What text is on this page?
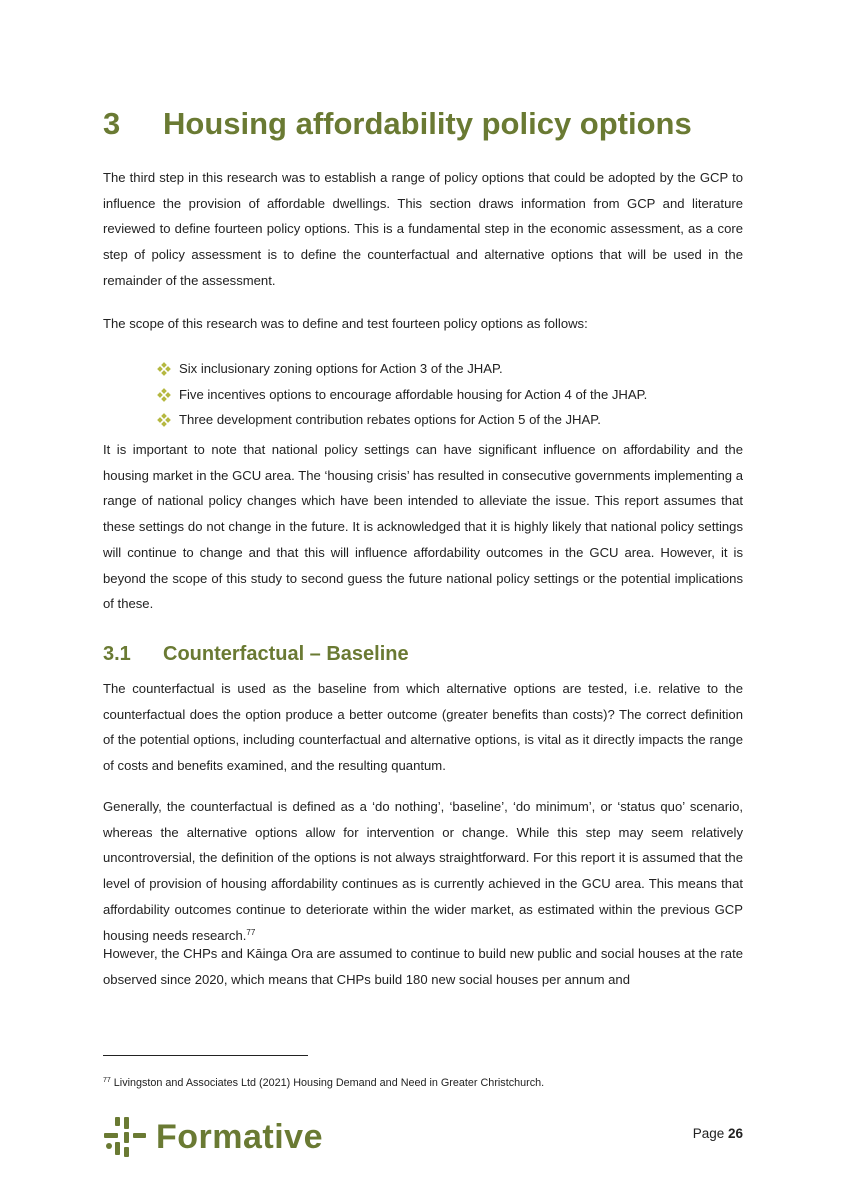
3 Housing affordability policy options

The third step in this research was to establish a range of policy options that could be adopted by the GCP to influence the provision of affordable dwellings. This section draws information from GCP and literature reviewed to define fourteen policy options. This is a fundamental step in the economic assessment, as a core step of policy assessment is to define the counterfactual and alternative options that will be used in the remainder of the assessment.

The scope of this research was to define and test fourteen policy options as follows:

Six inclusionary zoning options for Action 3 of the JHAP.
Five incentives options to encourage affordable housing for Action 4 of the JHAP.
Three development contribution rebates options for Action 5 of the JHAP.

It is important to note that national policy settings can have significant influence on affordability and the housing market in the GCU area. The ‘housing crisis’ has resulted in consecutive governments implementing a range of national policy changes which have been intended to alleviate the issue. This report assumes that these settings do not change in the future. It is acknowledged that it is highly likely that national policy settings will continue to change and that this will influence affordability outcomes in the GCU area. However, it is beyond the scope of this study to second guess the future national policy settings or the potential implications of these.

3.1 Counterfactual – Baseline

The counterfactual is used as the baseline from which alternative options are tested, i.e. relative to the counterfactual does the option produce a better outcome (greater benefits than costs)? The correct definition of the potential options, including counterfactual and alternative options, is vital as it directly impacts the range of costs and benefits examined, and the resulting quantum.

Generally, the counterfactual is defined as a ‘do nothing’, ‘baseline’, ‘do minimum’, or ‘status quo’ scenario, whereas the alternative options allow for intervention or change. While this step may seem relatively uncontroversial, the definition of the options is not always straightforward. For this report it is assumed that the level of provision of housing affordability continues as is currently achieved in the GCU area. This means that affordability outcomes continue to deteriorate within the wider market, as estimated within the previous GCP housing needs research.$^{77}$

However, the CHPs and Kāinga Ora are assumed to continue to build new public and social houses at the rate observed since 2020, which means that CHPs build 180 new social houses per annum and

$^{77}$ Livingston and Associates Ltd (2021) Housing Demand and Need in Greater Christchurch.
Formative	Page 26
